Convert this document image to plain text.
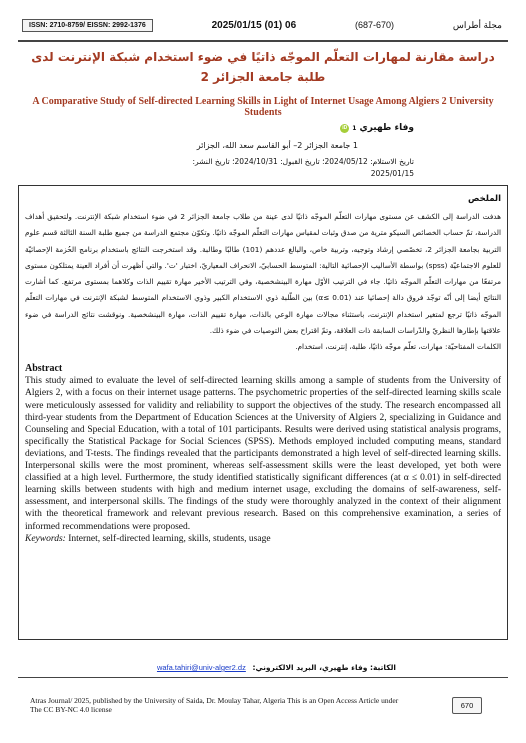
ISSN: 2710-8759/ EISSN: 2992-1376	2025/01/15 (01) 06	(687-670)	مجلة أطراس
دراسة مقارنة لمهارات التعلّم الموجّه ذاتيًا في ضوء استخدام شبكة الإنترنت لدى طلبة جامعة الجزائر 2
A Comparative Study of Self-directed Learning Skills in Light of Internet Usage Among Algiers 2 University Students
وفاء طهيري
1
iD
1 جامعة الجزائر 2– أبو القاسم سعد الله، الجزائر
تاريخ الاستلام: 2024/05/12؛ تاريخ القبول: 2024/10/31؛ تاريخ النشر:
2025/01/15
الملخص
هدفت الدراسة إلى الكشف عن مستوى مهارات التعلّم الموجّه ذاتيًا لدى عينة من طلاب جامعة الجزائر 2 في ضوء استخدام شبكة الإنترنت. ولتحقيق أهداف الدراسة، تمّ حساب الخصائص السيكو مترية من صدق وثبات لمقياس مهارات التعلّم الموجّه ذاتيًا. وتكوّن مجتمع الدراسة من جميع طلبة السنة الثالثة قسم علوم التربية بجامعة الجزائر 2، تخصّصي إرشاد وتوجيه، وتربية خاص، والبالغ عددهم (101) طالبًا وطالبة. وقد استخرجت النتائج باستخدام برنامج الحُزمة الإحصائيّة للعلوم الاجتماعيّة (spss) بواسطة الأساليب الإحصائية التالية: المتوسط الحسابيّ، الانحراف المعياريّ، اختبار 'ت'. والتي أظهرت أن أفراد العينة يمتلكون مستوى مرتفعًا من مهارات التعلّم الموجّه ذاتيًا. جاء في الترتيب الأوّل مهارة البينشخصية، وفي الترتيب الأخير مهارة تقييم الذات وكلاهما بمستوى مرتفع. كما أشارت النتائج أيضا إلى أنّه توجّد فروق دالة إحصائيا عند (α≤ 0.01) بين الطّلبة ذوي الاستخدام الكبير وذوي الاستخدام المتوسط لشبكة الإنترنت في مهارات التعلّم الموجّه ذاتيًا ترجع لمتغير استخدام الإنترنت، باستثناء مجالات مهارة الوعي بالذات، مهارة تقييم الذات، مهارة البينشخصية. ونوقشت نتائج الدراسة في ضوء علاقتها بإطارها النظريّ والدّراسات السابقة ذات العلاقة، وتمّ اقتراح بعض التوصيات في ضوء ذلك.
الكلمات المفتاحيّة: مهارات، تعلّم موجّه ذاتيًا، طلبة، إنترنت، استخدام.
Abstract
This study aimed to evaluate the level of self-directed learning skills among a sample of students from the University of Algiers 2, with a focus on their internet usage patterns. The psychometric properties of the self-directed learning skills scale were meticulously assessed for validity and reliability to support the objectives of the study. The research encompassed all third-year students from the Department of Education Sciences at the University of Algiers 2, specializing in Guidance and Counseling and Special Education, with a total of 101 participants. Results were derived using statistical analysis programs, specifically the Statistical Package for Social Sciences (SPSS). Methods employed included computing means, standard deviations, and T-tests. The findings revealed that the participants demonstrated a high level of self-directed learning skills. Interpersonal skills were the most prominent, whereas self-assessment skills were the least developed, yet both were classified at a high level. Furthermore, the study identified statistically significant differences (at α ≤ 0.01) in self-directed learning skills between students with high and medium internet usage, excluding the domains of self-awareness, self-assessment, and interpersonal skills. The findings of the study were thoroughly analyzed in the context of their alignment with the theoretical framework and relevant previous research. Based on this comprehensive examination, a series of informed recommendations were proposed.
Keywords: Internet, self-directed learning, skills, students, usage
الكاتبة: وفاء طهيري، البريد الالكتروني: wafa.tahiri@univ-alger2.dz
Atras Journal/ 2025, published by the University of Saida, Dr. Moulay Tahar, Algeria This is an Open Access Article under The CC BY-NC 4.0 license	670
